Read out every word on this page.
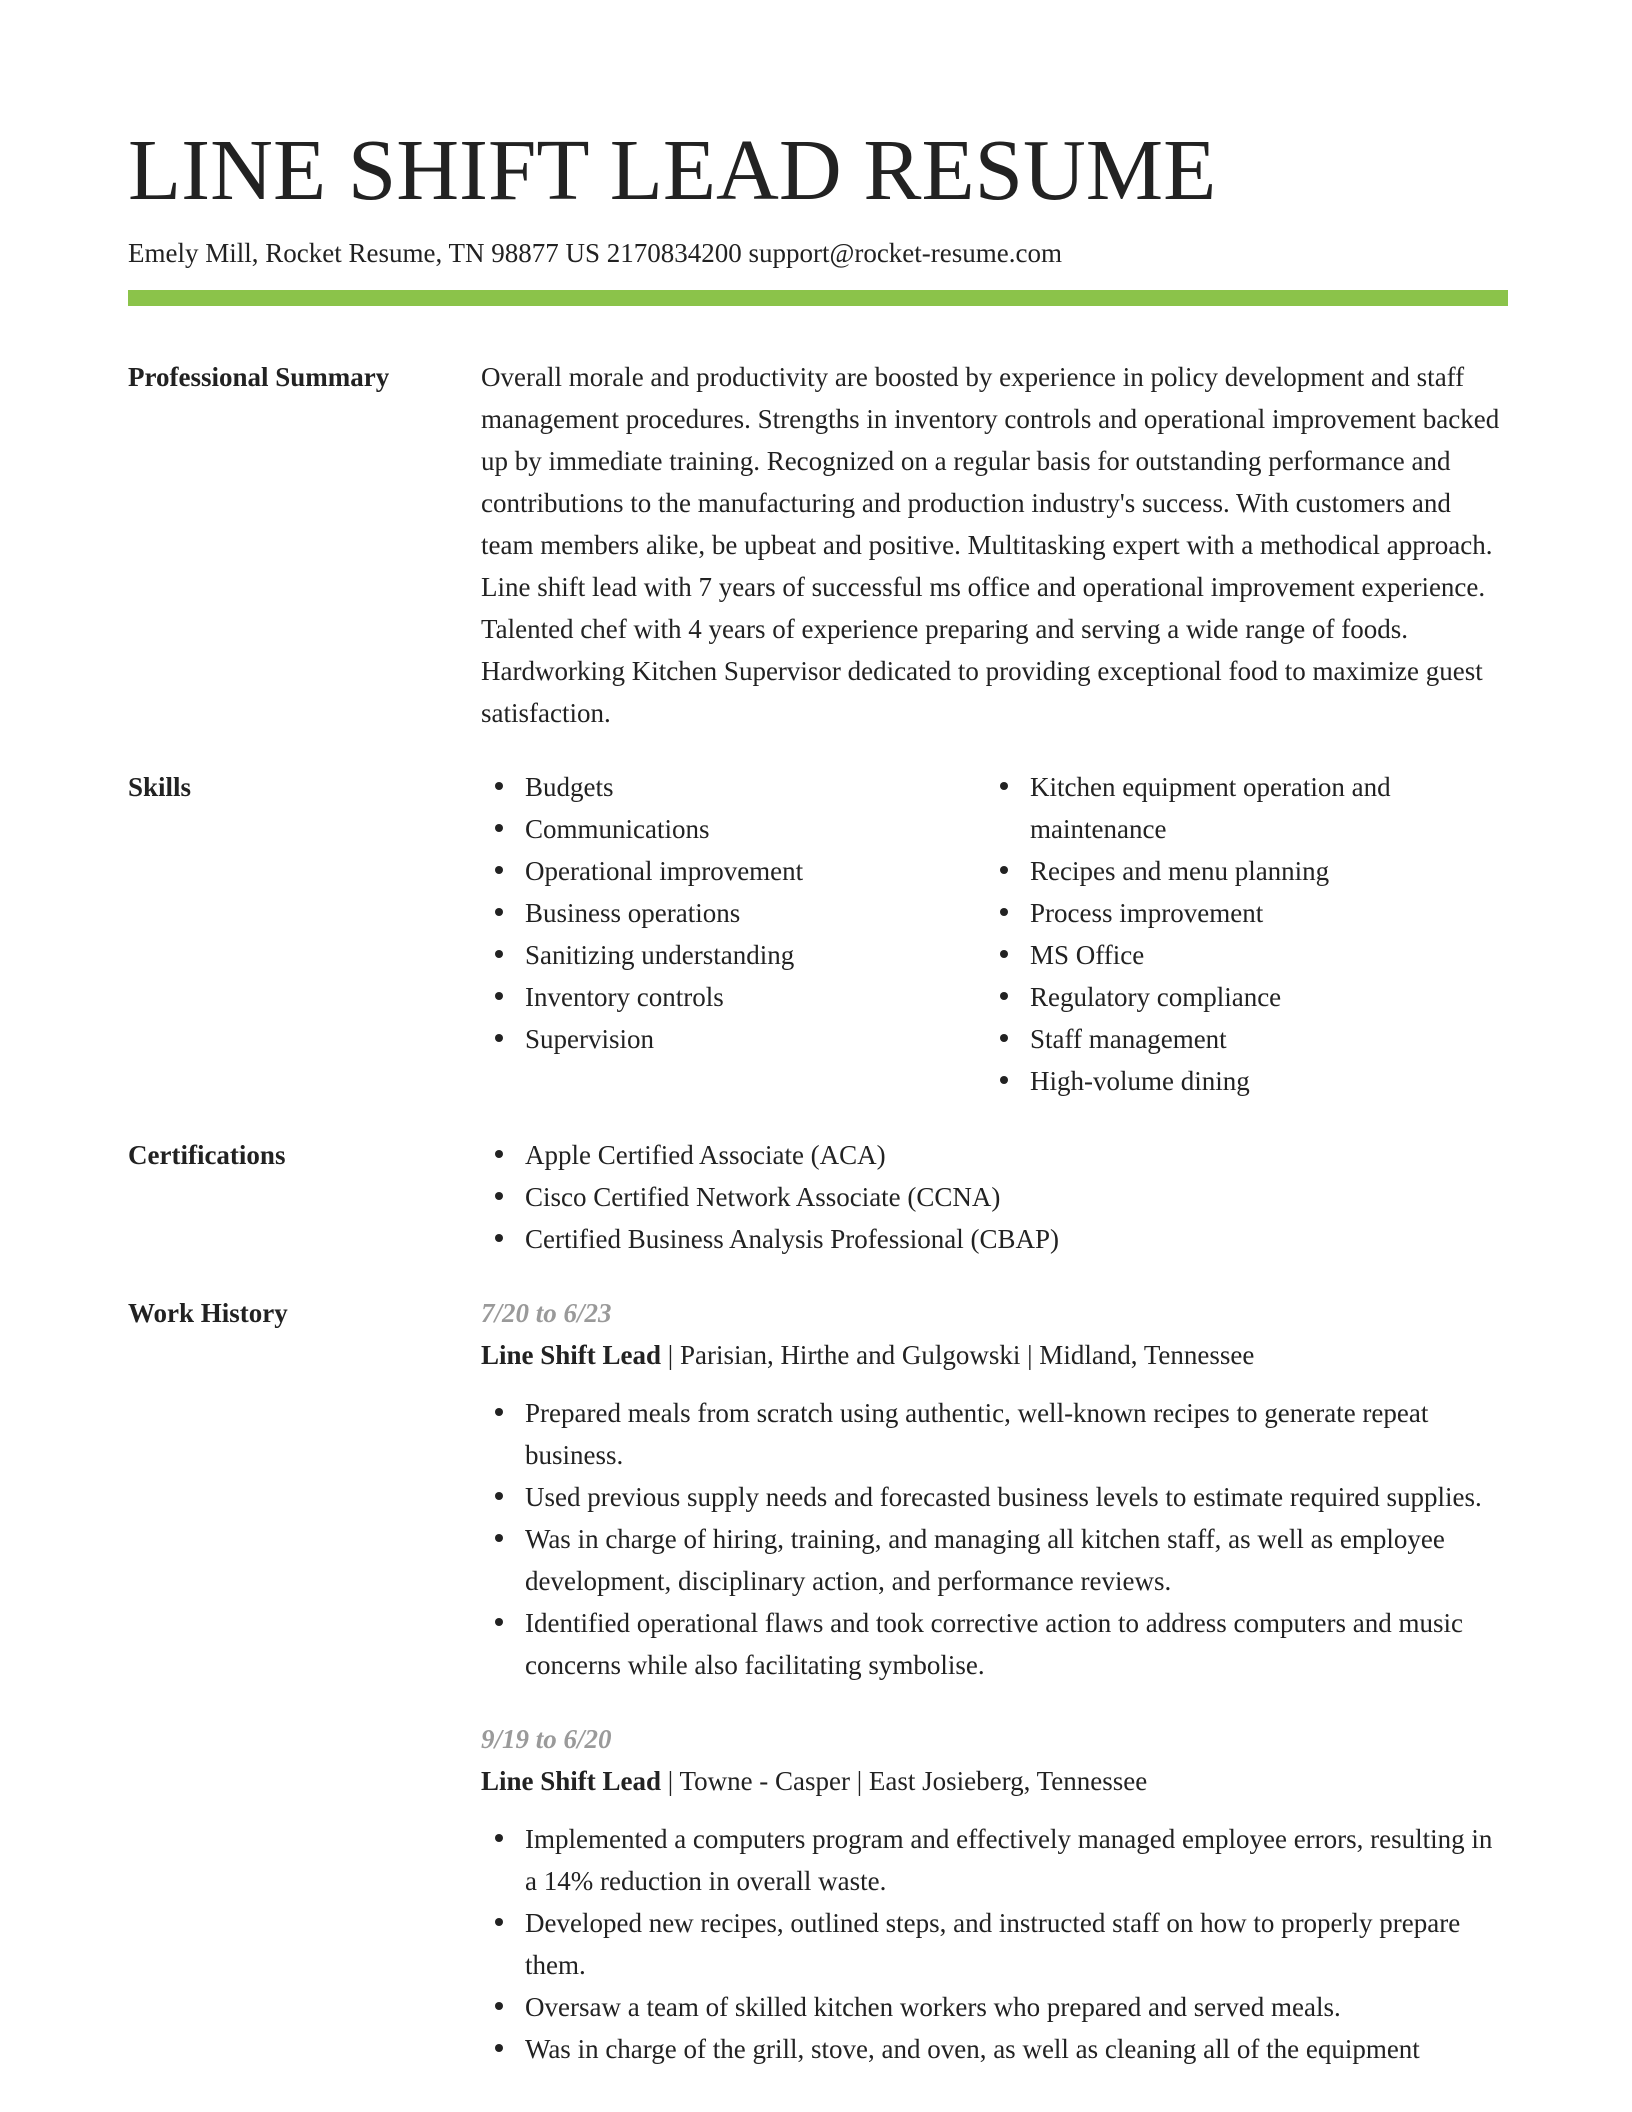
LINE SHIFT LEAD RESUME
Emely Mill, Rocket Resume, TN 98877 US 2170834200 support@rocket-resume.com
Professional Summary	Overall morale and productivity are boosted by experience in policy development and staff management procedures. Strengths in inventory controls and operational improvement backed up by immediate training. Recognized on a regular basis for outstanding performance and contributions to the manufacturing and production industry's success. With customers and team members alike, be upbeat and positive. Multitasking expert with a methodical approach. Line shift lead with 7 years of successful ms office and operational improvement experience. Talented chef with 4 years of experience preparing and serving a wide range of foods. Hardworking Kitchen Supervisor dedicated to providing exceptional food to maximize guest satisfaction.

Skills	Budgets
Communications
Operational improvement
Business operations
Sanitizing understanding
Inventory controls
Supervision
Kitchen equipment operation and maintenance
Recipes and menu planning
Process improvement
MS Office
Regulatory compliance
Staff management
High-volume dining
Certifications	Apple Certified Associate (ACA)
Cisco Certified Network Associate (CCNA)
Certified Business Analysis Professional (CBAP)
Work History	7/20 to 6/23
Line Shift Lead | Parisian, Hirthe and Gulgowski | Midland, Tennessee
Prepared meals from scratch using authentic, well-known recipes to generate repeat business.
Used previous supply needs and forecasted business levels to estimate required supplies.
Was in charge of hiring, training, and managing all kitchen staff, as well as employee development, disciplinary action, and performance reviews.
Identified operational flaws and took corrective action to address computers and music concerns while also facilitating symbolise.
9/19 to 6/20
Line Shift Lead | Towne - Casper | East Josieberg, Tennessee
Implemented a computers program and effectively managed employee errors, resulting in a 14% reduction in overall waste.
Developed new recipes, outlined steps, and instructed staff on how to properly prepare them.
Oversaw a team of skilled kitchen workers who prepared and served meals.
Was in charge of the grill, stove, and oven, as well as cleaning all of the equipment
